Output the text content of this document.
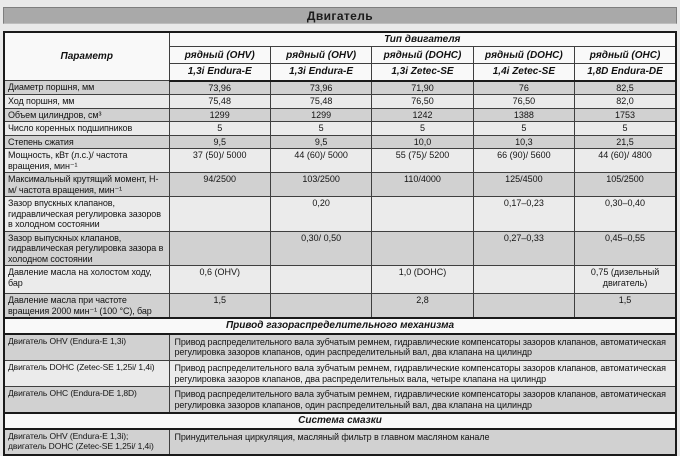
Двигатель
Параметр	Тип двигателя				
	рядный (OHV)	рядный (OHV)	рядный (DOHC)	рядный (DOHC)	рядный (OHC)
	1,3i Endura-E	1,3i Endura-E	1,3i Zetec-SE	1,4i Zetec-SE	1,8D Endura-DE
Диаметр поршня, мм	73,96	73,96	71,90	76	82,5
Ход поршня, мм	75,48	75,48	76,50	76,50	82,0
Объем цилиндров, см³	1299	1299	1242	1388	1753
Число коренных подшипников	5	5	5	5	5
Степень сжатия	9,5	9,5	10,0	10,3	21,5
Мощность, кВт (л.с.)/ частота вращения, мин⁻¹	37 (50)/ 5000	44 (60)/ 5000	55 (75)/ 5200	66 (90)/ 5600	44 (60)/ 4800
Максимальный крутящий момент, Н-м/ частота вращения, мин⁻¹	94/2500	103/2500	110/4000	125/4500	105/2500
Зазор впускных клапанов, гидравлическая регулировка зазоров в холодном состоянии		0,20		0,17–0,23	0,30–0,40
Зазор выпускных клапанов, гидравлическая регулировка зазора в холодном состоянии		0,30/ 0,50		0,27–0,33	0,45–0,55
Давление масла на холостом ходу, бар	0,6 (OHV)		1,0 (DOHC)		0,75 (дизельный двигатель)
Давление масла при частоте вращения 2000 мин⁻¹ (100 °C), бар	1,5		2,8		1,5
Привод газораспределительного механизма					
Двигатель OHV (Endura-E 1,3i)	Привод распределительного вала зубчатым ремнем, гидравлические компенсаторы зазоров клапанов, автоматическая регулировка зазоров клапанов, один распределительный вал, два клапана на цилиндр				
Двигатель DOHC (Zetec-SE 1,25i/ 1,4i)	Привод распределительного вала зубчатым ремнем, гидравлические компенсаторы зазоров клапанов, автоматическая регулировка зазоров клапанов, два распределительных вала, четыре клапана на цилиндр				
Двигатель OHC (Endura-DE 1,8D)	Привод распределительного вала зубчатым ремнем, гидравлические компенсаторы зазоров клапанов, автоматическая регулировка зазоров клапанов, один распределительный вал, два клапана на цилиндр				
Система смазки					
Двигатель OHV (Endura-E 1,3i); двигатель DOHC (Zetec-SE 1,25i/ 1,4i)	Принудительная циркуляция, масляный фильтр в главном масляном канале				
